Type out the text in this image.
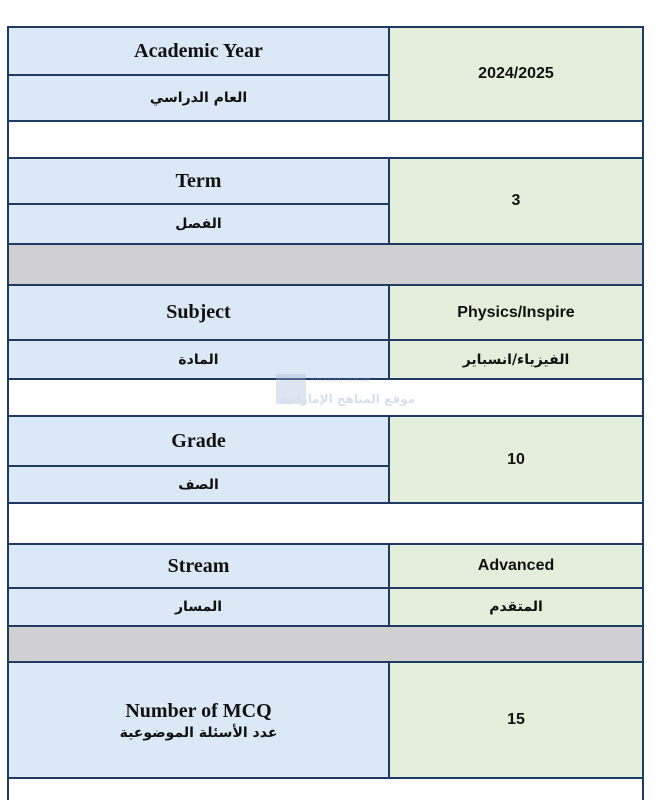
Academic Year
العام الدراسي
2024/2025
Term
الفصل
3
Subject
المادة
Physics/Inspire
الفيزياء/انسباير
Grade
الصف
10
Stream
المسار
Advanced
المتقدم
Number of MCQ
عدد الأسئلة الموضوعية
15
almanahj.com/ae
موقع المناهج الإماراتية
